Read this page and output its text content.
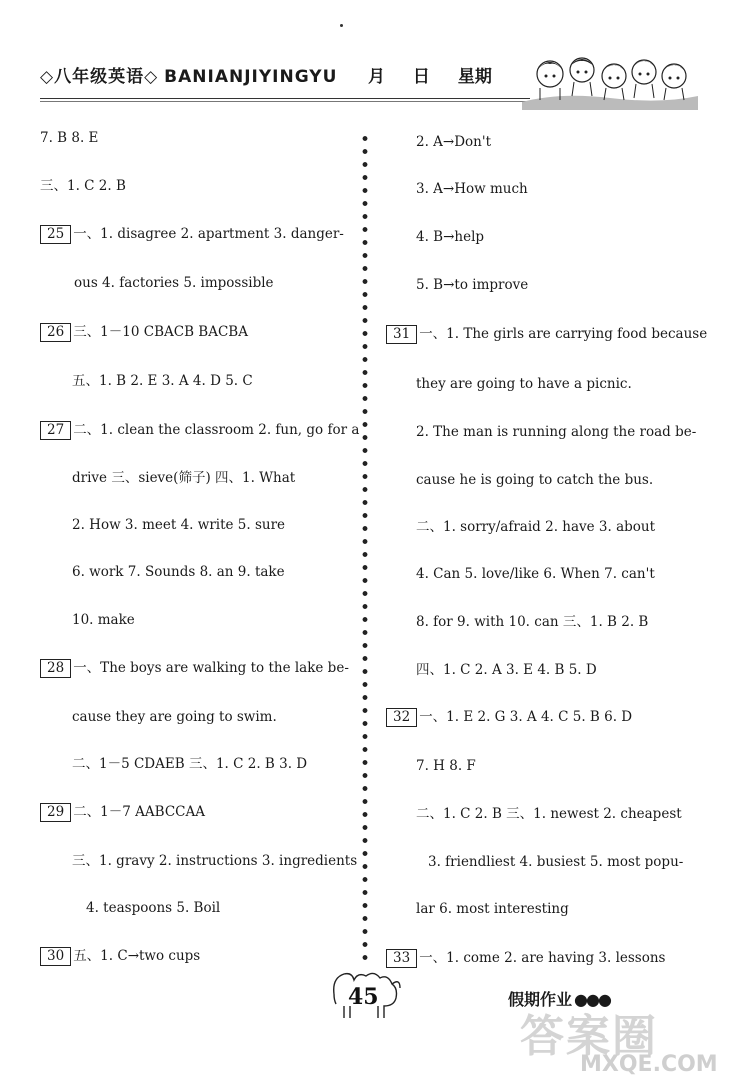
◇八年级英语◇ BANIANJIYINGYU 月 日 星期
7. B 8. E
三、1. C 2. B
25 一、1. disagree 2. apartment 3. danger-
ous 4. factories 5. impossible
26 三、1－10 CBACB BACBA
五、1. B 2. E 3. A 4. D 5. C
27 二、1. clean the classroom 2. fun, go for a
drive 三、sieve(筛子) 四、1. What
2. How 3. meet 4. write 5. sure
6. work 7. Sounds 8. an 9. take
10. make
28 一、The boys are walking to the lake be-
cause they are going to swim.
二、1－5 CDAEB 三、1. C 2. B 3. D
29 二、1－7 AABCCAA
三、1. gravy 2. instructions 3. ingredients
4. teaspoons 5. Boil
30 五、1. C→two cups
2. A→Don't
3. A→How much
4. B→help
5. B→to improve
31 一、1. The girls are carrying food because
they are going to have a picnic.
2. The man is running along the road be-
cause he is going to catch the bus.
二、1. sorry/afraid 2. have 3. about
4. Can 5. love/like 6. When 7. can't
8. for 9. with 10. can 三、1. B 2. B
四、1. C 2. A 3. E 4. B 5. D
32 一、1. E 2. G 3. A 4. C 5. B 6. D
7. H 8. F
二、1. C 2. B 三、1. newest 2. cheapest
3. friendliest 4. busiest 5. most popu-
lar 6. most interesting
33 一、1. come 2. are having 3. lessons
45	假期作业 ●●●
答案圈
MXQE.COM
